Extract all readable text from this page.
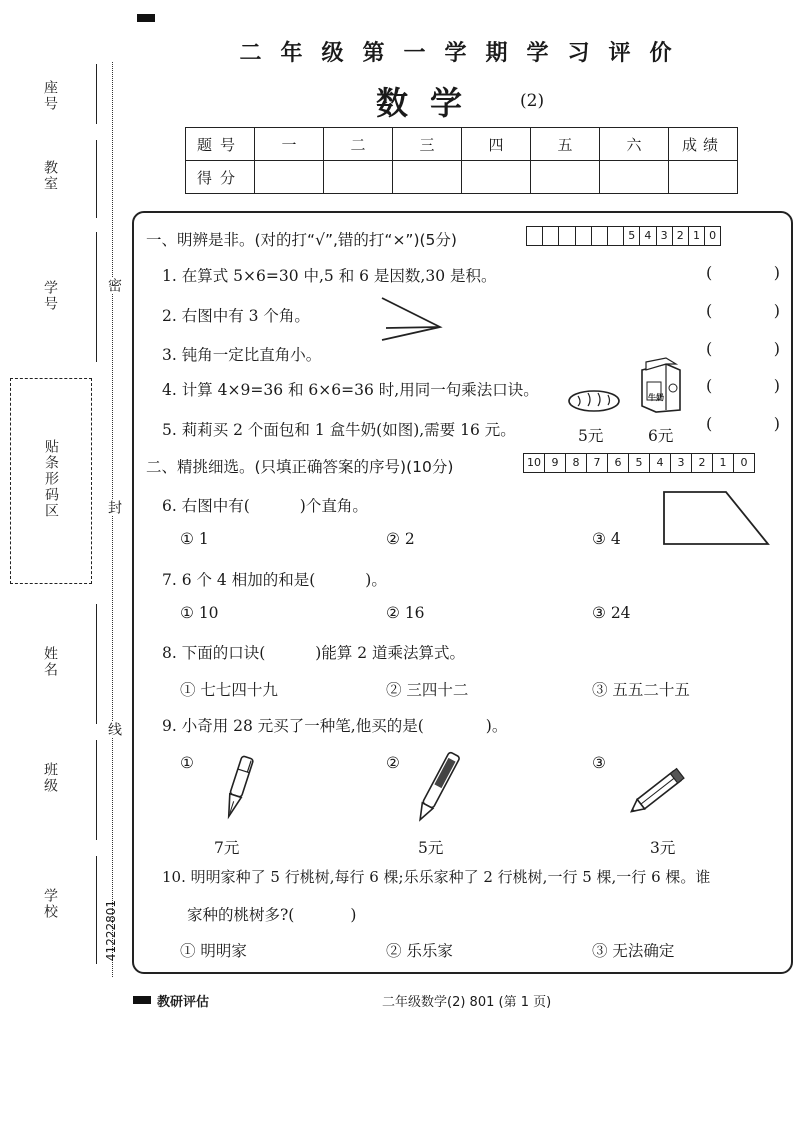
座号
教室
学号
贴条形码区
姓名
班级
学校
密
封
线
41222801
二年级第一学期学习评价
数学 (2)
题号	一	二	三	四	五	六	成绩
得分							
一、明辨是非。(对的打“√”,错的打“×”)(5分)	5 4 3 2 1 0
1. 在算式 5×6=30 中,5 和 6 是因数,30 是积。
2. 右图中有 3 个角。
3. 钝角一定比直角小。
4. 计算 4×9=36 和 6×6=36 时,用同一句乘法口诀。
5. 莉莉买 2 个面包和 1 盒牛奶(如图),需要 16 元。
(	)
(	)
(	)
(	)
(	)
5元
牛奶
6元
二、精挑细选。(只填正确答案的序号)(10分)	10 9	8	7	6	5	4	3	2	1	0
6. 右图中有(	)个直角。
① 1	② 2	③ 4
7. 6 个 4 相加的和是(	)。
① 10	② 16	③ 24
8. 下面的口诀(	)能算 2 道乘法算式。
① 七七四十九	② 三四十二	③ 五五二十五
9. 小奇用 28 元买了一种笔,他买的是(	)。
①	②	③
7元	5元	3元
10. 明明家种了 5 行桃树,每行 6 棵;乐乐家种了 2 行桃树,一行 5 棵,一行 6 棵。谁
家种的桃树多?(	)
① 明明家	② 乐乐家	③ 无法确定
教研评估	二年级数学(2) 801 (第 1 页)
